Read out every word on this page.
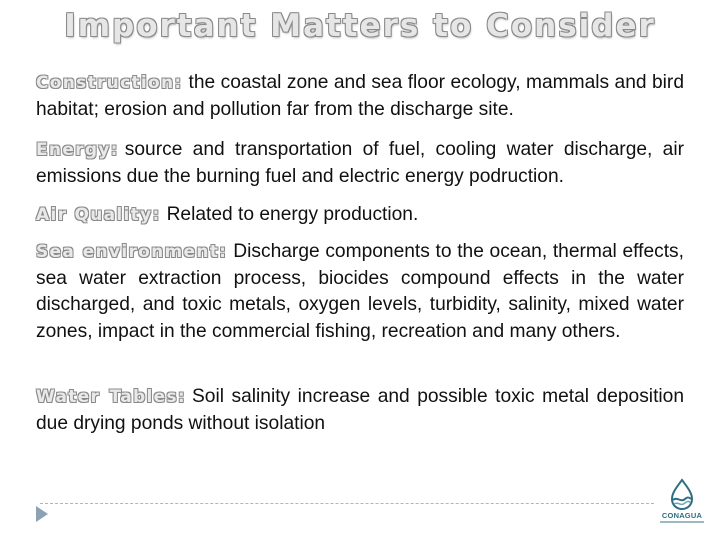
Important Matters to Consider
Construction: the coastal zone and sea floor ecology, mammals and bird habitat; erosion and pollution far from the discharge site.
Energy: source and transportation of fuel, cooling water discharge, air emissions due the burning fuel and electric energy podruction.
Air Quality: Related to energy production.
Sea environment: Discharge components to the ocean, thermal effects, sea water extraction process, biocides compound effects in the water discharged, and toxic metals, oxygen levels, turbidity, salinity, mixed water zones, impact in the commercial fishing, recreation and many others.
Water Tables: Soil salinity increase and possible toxic metal deposition due drying ponds without isolation
CONAGUA
